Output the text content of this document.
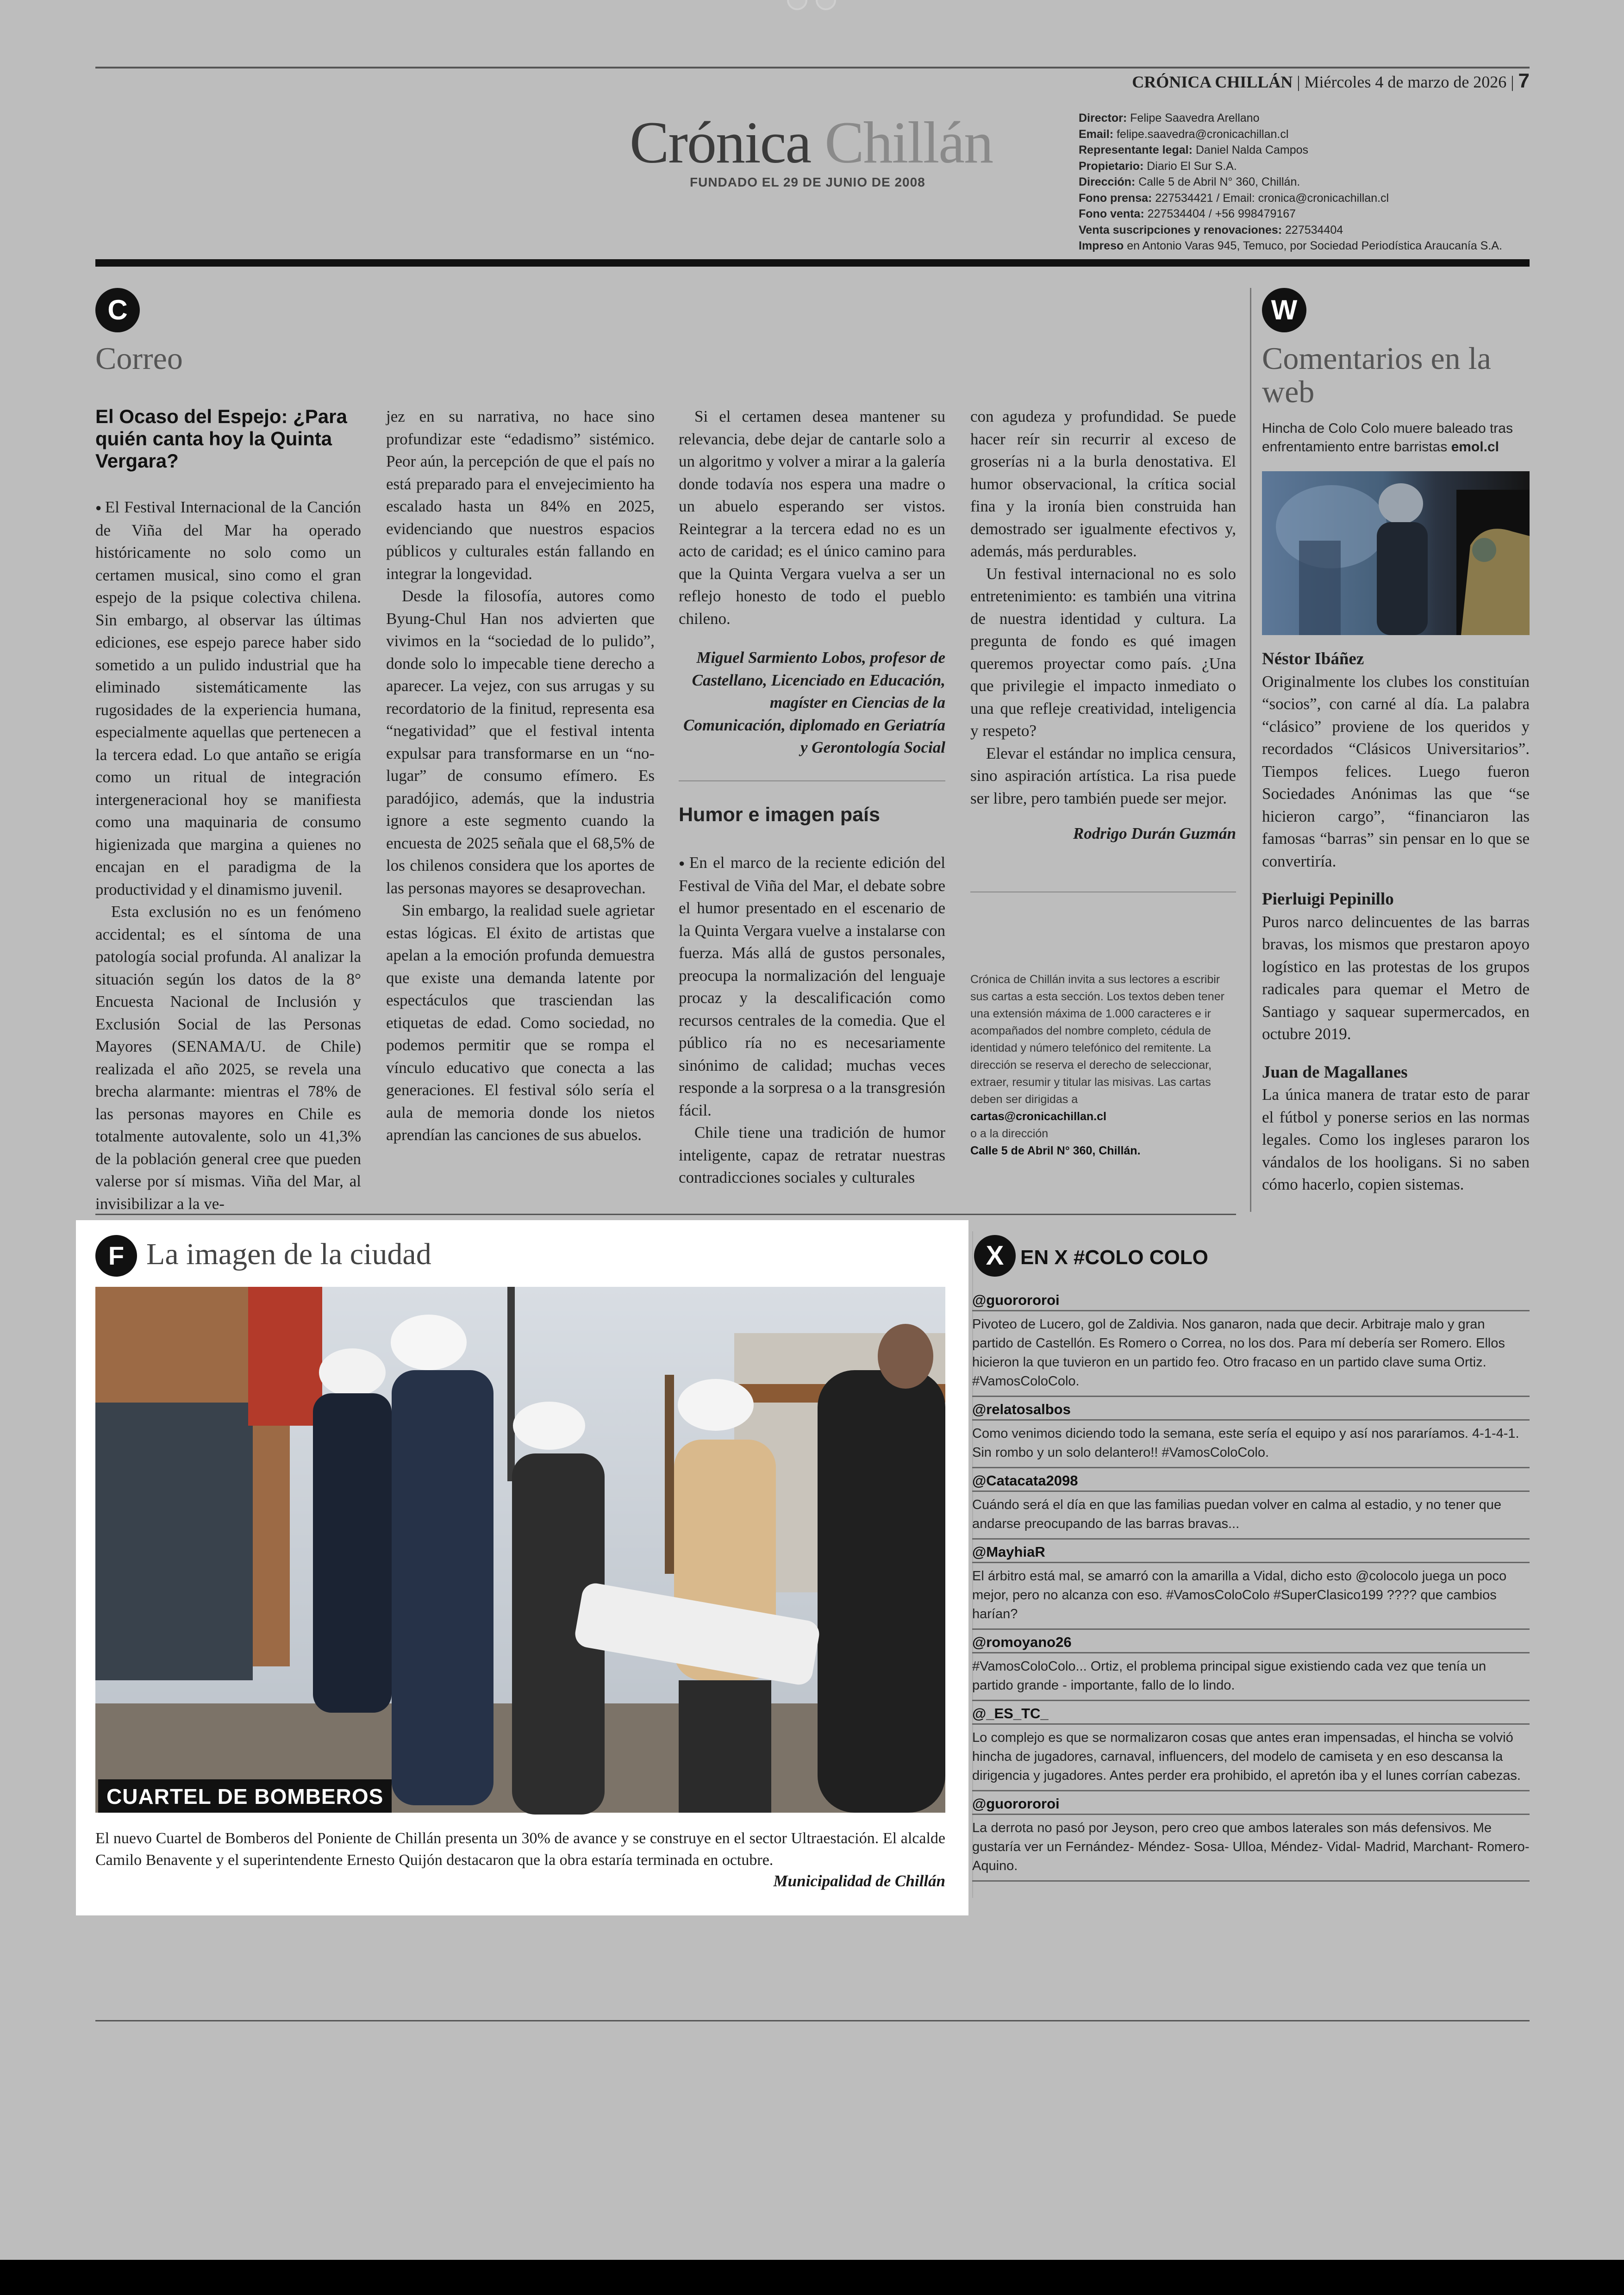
CRÓNICA CHILLÁN | Miércoles 4 de marzo de 2026 | 7
Crónica Chillán
FUNDADO EL 29 DE JUNIO DE 2008
Director: Felipe Saavedra Arellano
Email: felipe.saavedra@cronicachillan.cl
Representante legal: Daniel Nalda Campos
Propietario: Diario El Sur S.A.
Dirección: Calle 5 de Abril N° 360, Chillán.
Fono prensa: 227534421 / Email: cronica@cronicachillan.cl
Fono venta: 227534404 / +56 998479167
Venta suscripciones y renovaciones: 227534404
Impreso en Antonio Varas 945, Temuco, por Sociedad Periodística Araucanía S.A.
C
Correo
El Ocaso del Espejo: ¿Para quién canta hoy la Quinta Vergara?

● El Festival Internacional de la Canción de Viña del Mar ha operado históricamente no solo como un certamen musical, sino como el gran espejo de la psique colectiva chilena. Sin embargo, al observar las últimas ediciones, ese espejo parece haber sido sometido a un pulido industrial que ha eliminado sistemáticamente las rugosidades de la experiencia humana, especialmente aquellas que pertenecen a la tercera edad. Lo que antaño se erigía como un ritual de integración intergeneracional hoy se manifiesta como una maquinaria de consumo higienizada que margina a quienes no encajan en el paradigma de la productividad y el dinamismo juvenil.

Esta exclusión no es un fenómeno accidental; es el síntoma de una patología social profunda. Al analizar la situación según los datos de la 8° Encuesta Nacional de Inclusión y Exclusión Social de las Personas Mayores (SENAMA/U. de Chile) realizada el año 2025, se revela una brecha alarmante: mientras el 78% de las personas mayores en Chile es totalmente autovalente, solo un 41,3% de la población general cree que pueden valerse por sí mismas. Viña del Mar, al invisibilizar a la ve-

jez en su narrativa, no hace sino profundizar este “edadismo” sistémico. Peor aún, la percepción de que el país no está preparado para el envejecimiento ha escalado hasta un 84% en 2025, evidenciando que nuestros espacios públicos y culturales están fallando en integrar la longevidad.

Desde la filosofía, autores como Byung-Chul Han nos advierten que vivimos en la “sociedad de lo pulido”, donde solo lo impecable tiene derecho a aparecer. La vejez, con sus arrugas y su recordatorio de la finitud, representa esa “negatividad” que el festival intenta expulsar para transformarse en un “no-lugar” de consumo efímero. Es paradójico, además, que la industria ignore a este segmento cuando la encuesta de 2025 señala que el 68,5% de los chilenos considera que los aportes de las personas mayores se desaprovechan.

Sin embargo, la realidad suele agrietar estas lógicas. El éxito de artistas que apelan a la emoción profunda demuestra que existe una demanda latente por espectáculos que trasciendan las etiquetas de edad. Como sociedad, no podemos permitir que se rompa el vínculo educativo que conecta a las generaciones. El festival sólo sería el aula de memoria donde los nietos aprendían las canciones de sus abuelos.

Si el certamen desea mantener su relevancia, debe dejar de cantarle solo a un algoritmo y volver a mirar a la galería donde todavía nos espera una madre o un abuelo esperando ser vistos. Reintegrar a la tercera edad no es un acto de caridad; es el único camino para que la Quinta Vergara vuelva a ser un reflejo honesto de todo el pueblo chileno.

Miguel Sarmiento Lobos, profesor de Castellano, Licenciado en Educación, magíster en Ciencias de la Comunicación, diplomado en Geriatría y Gerontología Social
Humor e imagen país

● En el marco de la reciente edición del Festival de Viña del Mar, el debate sobre el humor presentado en el escenario de la Quinta Vergara vuelve a instalarse con fuerza. Más allá de gustos personales, preocupa la normalización del lenguaje procaz y la descalificación como recursos centrales de la comedia. Que el público ría no es necesariamente sinónimo de calidad; muchas veces responde a la sorpresa o a la transgresión fácil.

Chile tiene una tradición de humor inteligente, capaz de retratar nuestras contradicciones sociales y culturales

con agudeza y profundidad. Se puede hacer reír sin recurrir al exceso de groserías ni a la burla denostativa. El humor observacional, la crítica social fina y la ironía bien construida han demostrado ser igualmente efectivos y, además, más perdurables.

Un festival internacional no es solo entretenimiento: es también una vitrina de nuestra identidad y cultura. La pregunta de fondo es qué imagen queremos proyectar como país. ¿Una que privilegie el impacto inmediato o una que refleje creatividad, inteligencia y respeto?

Elevar el estándar no implica censura, sino aspiración artística. La risa puede ser libre, pero también puede ser mejor.

Rodrigo Durán Guzmán
Crónica de Chillán invita a sus lectores a escribir sus cartas a esta sección. Los textos deben tener una extensión máxima de 1.000 caracteres e ir acompañados del nombre completo, cédula de identidad y número telefónico del remitente. La dirección se reserva el derecho de seleccionar, extraer, resumir y titular las misivas. Las cartas deben ser dirigidas a
cartas@cronicachillan.cl
o a la dirección
Calle 5 de Abril N° 360, Chillán.
W
Comentarios en la web
Hincha de Colo Colo muere baleado tras enfrentamiento entre barristas emol.cl
Néstor Ibáñez
Originalmente los clubes los constituían “socios”, con carné al día. La palabra “clásico” proviene de los queridos y recordados “Clásicos Universitarios”. Tiempos felices. Luego fueron Sociedades Anónimas las que “se hicieron cargo”, “financiaron las famosas “barras” sin pensar en lo que se convertiría.
Pierluigi Pepinillo
Puros narco delincuentes de las barras bravas, los mismos que prestaron apoyo logístico en las protestas de los grupos radicales para quemar el Metro de Santiago y saquear supermercados, en octubre 2019.
Juan de Magallanes
La única manera de tratar esto de parar el fútbol y ponerse serios en las normas legales. Como los ingleses pararon los vándalos de los hooligans. Si no saben cómo hacerlo, copien sistemas.
F La imagen de la ciudad
CUARTEL DE BOMBEROS
El nuevo Cuartel de Bomberos del Poniente de Chillán presenta un 30% de avance y se construye en el sector Ultraestación. El alcalde Camilo Benavente y el superintendente Ernesto Quijón destacaron que la obra estaría terminada en octubre.
Municipalidad de Chillán
X EN X #COLO COLO
@guorororoi
Pivoteo de Lucero, gol de Zaldivia. Nos ganaron, nada que decir. Arbitraje malo y gran partido de Castellón. Es Romero o Correa, no los dos. Para mí debería ser Romero. Ellos hicieron la que tuvieron en un partido feo. Otro fracaso en un partido clave suma Ortiz. #VamosColoColo.
@relatosalbos
Como venimos diciendo todo la semana, este sería el equipo y así nos pararíamos. 4-1-4-1. Sin rombo y un solo delantero!! #VamosColoColo.
@Catacata2098
Cuándo será el día en que las familias puedan volver en calma al estadio, y no tener que andarse preocupando de las barras bravas...
@MayhiaR
El árbitro está mal, se amarró con la amarilla a Vidal, dicho esto @colocolo juega un poco mejor, pero no alcanza con eso. #VamosColoColo #SuperClasico199 ???? que cambios harían?
@romoyano26
#VamosColoColo... Ortiz, el problema principal sigue existiendo cada vez que tenía un partido grande - importante, fallo de lo lindo.
@_ES_TC_
Lo complejo es que se normalizaron cosas que antes eran impensadas, el hincha se volvió hincha de jugadores, carnaval, influencers, del modelo de camiseta y en eso descansa la dirigencia y jugadores. Antes perder era prohibido, el apretón iba y el lunes corrían cabezas.
@guorororoi
La derrota no pasó por Jeyson, pero creo que ambos laterales son más defensivos. Me gustaría ver un Fernández- Méndez- Sosa- Ulloa, Méndez- Vidal- Madrid, Marchant- Romero- Aquino.
